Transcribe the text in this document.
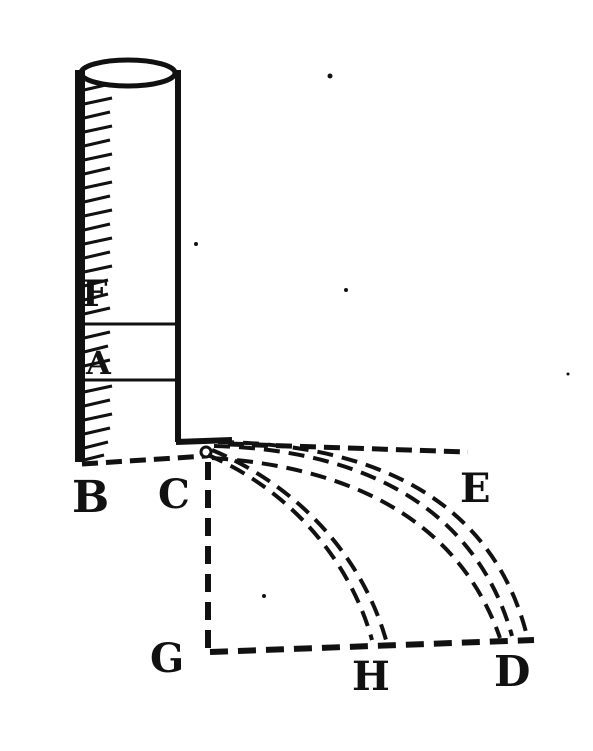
F
A
B C	E
G	H D
